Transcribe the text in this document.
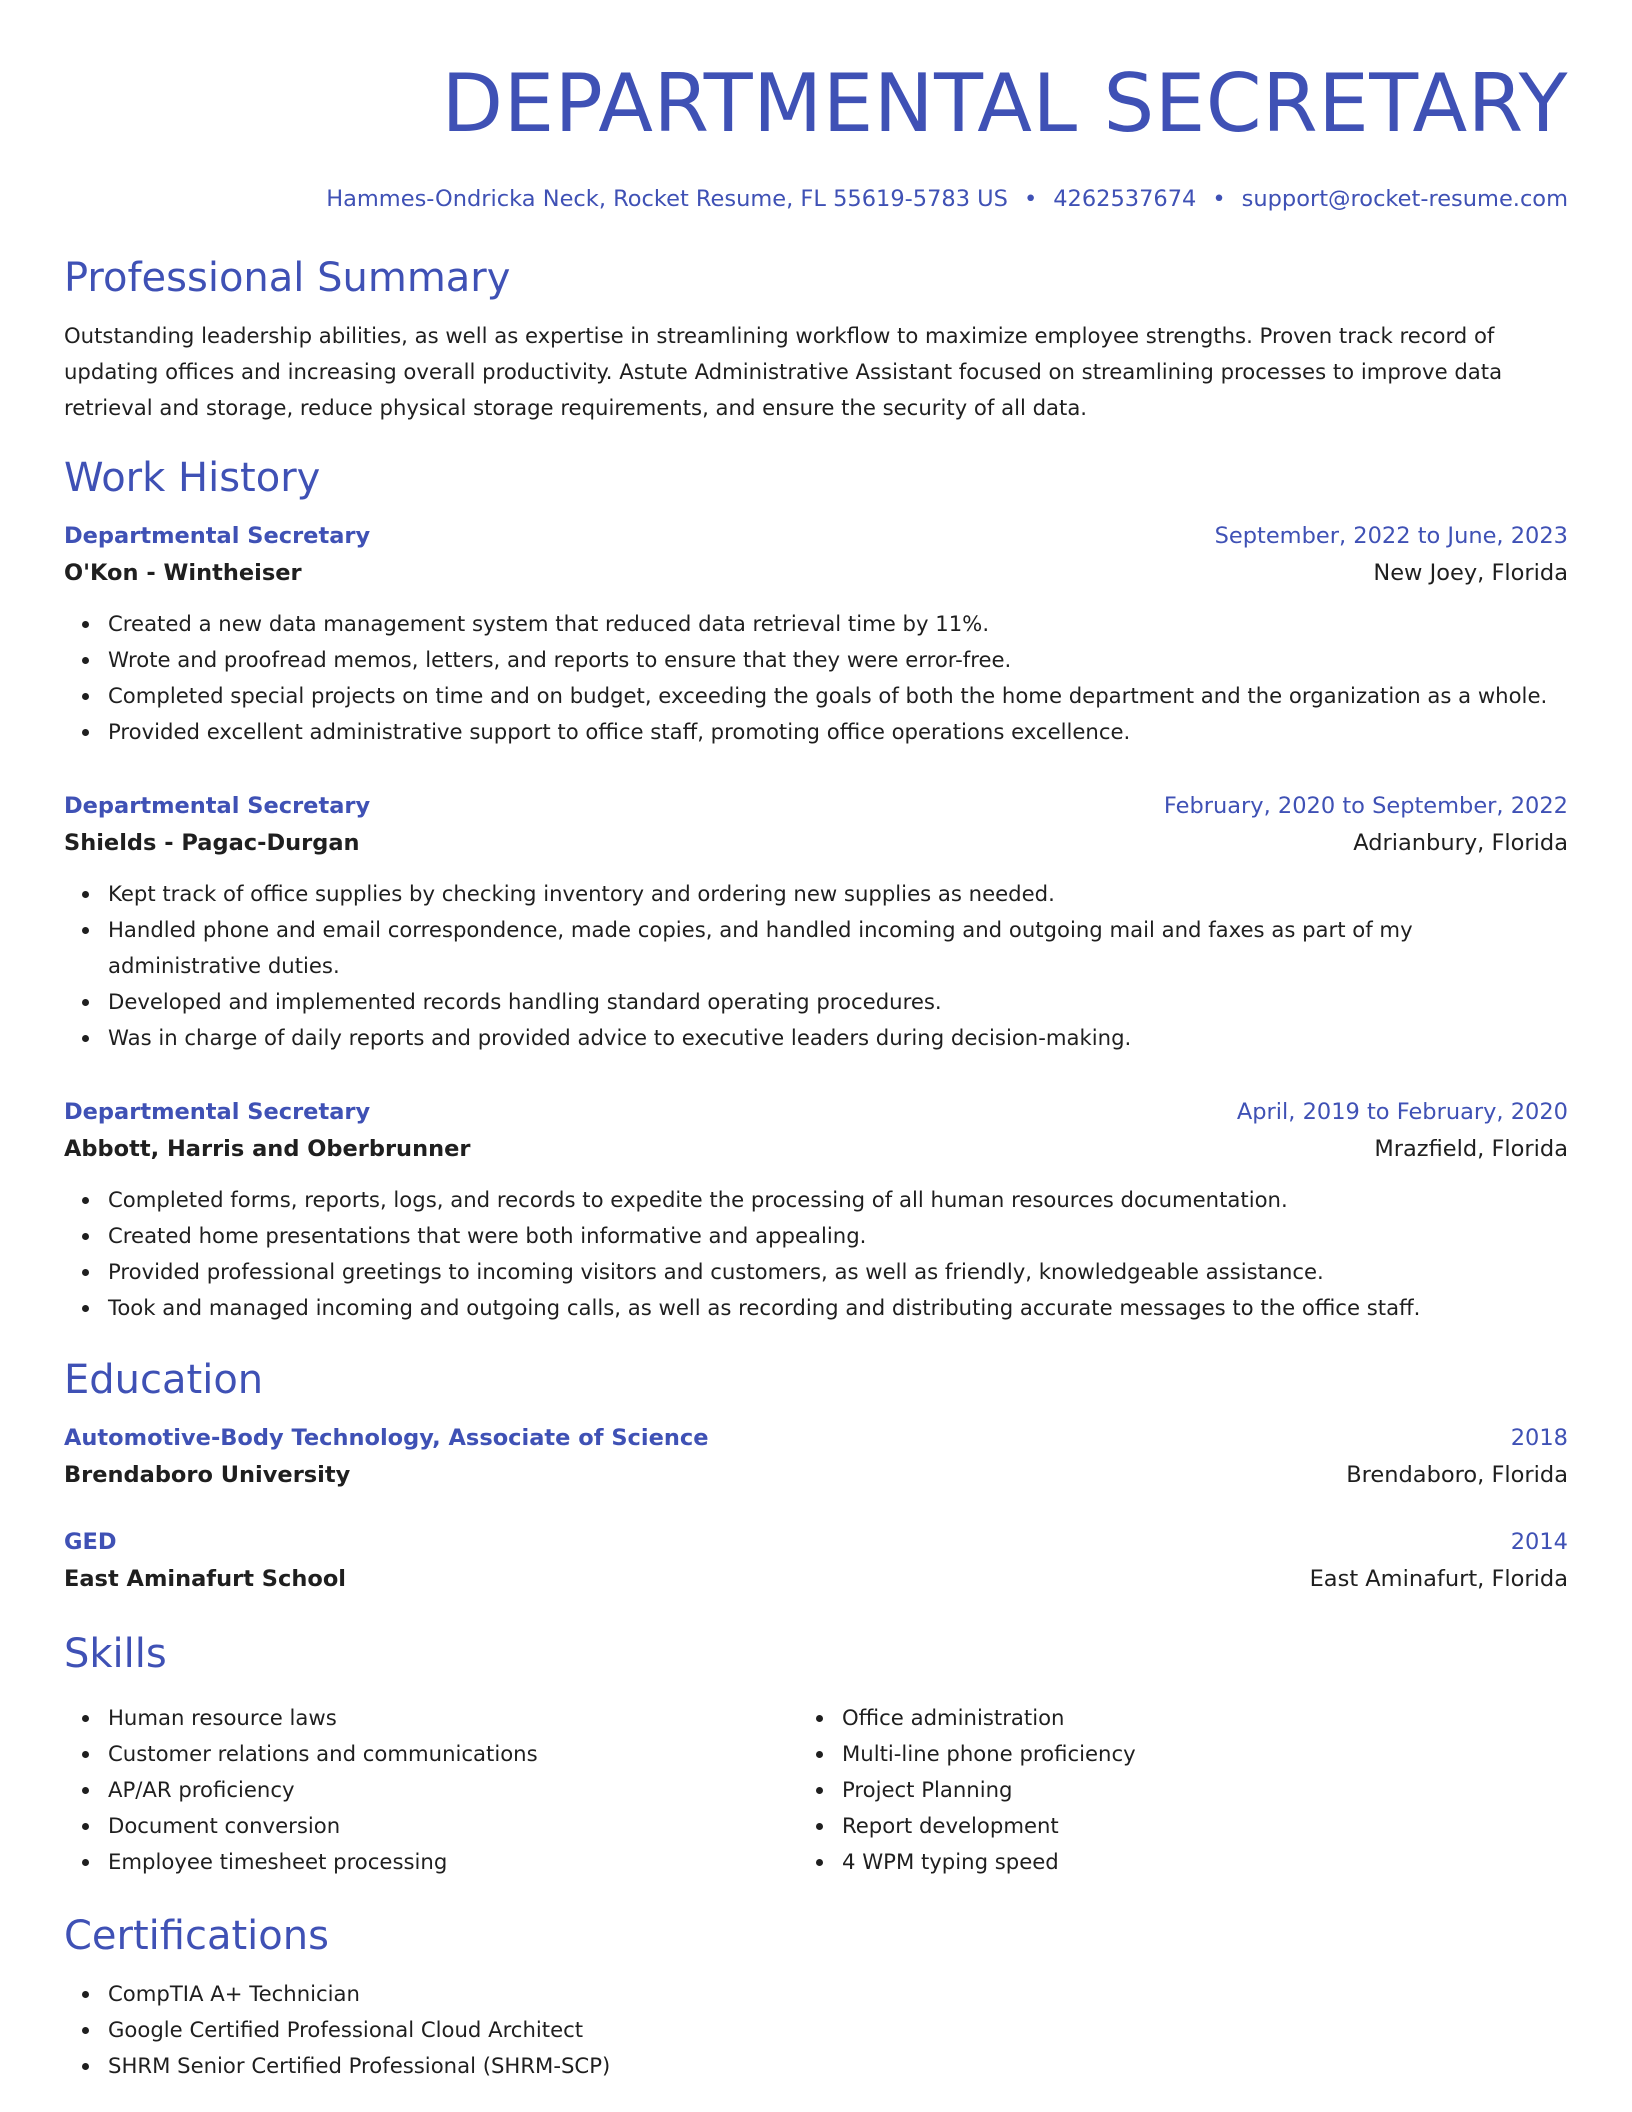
DEPARTMENTAL SECRETARY
Hammes-Ondricka Neck, Rocket Resume, FL 55619-5783 US • 4262537674 • support@rocket-resume.com
Professional Summary
Outstanding leadership abilities, as well as expertise in streamlining workflow to maximize employee strengths. Proven track record of updating offices and increasing overall productivity. Astute Administrative Assistant focused on streamlining processes to improve data retrieval and storage, reduce physical storage requirements, and ensure the security of all data.
Work History
Departmental Secretary	September, 2022 to June, 2023
O'Kon - Wintheiser	New Joey, Florida
Created a new data management system that reduced data retrieval time by 11%.
Wrote and proofread memos, letters, and reports to ensure that they were error-free.
Completed special projects on time and on budget, exceeding the goals of both the home department and the organization as a whole.
Provided excellent administrative support to office staff, promoting office operations excellence.
Departmental Secretary	February, 2020 to September, 2022
Shields - Pagac-Durgan	Adrianbury, Florida
Kept track of office supplies by checking inventory and ordering new supplies as needed.
Handled phone and email correspondence, made copies, and handled incoming and outgoing mail and faxes as part of my administrative duties.
Developed and implemented records handling standard operating procedures.
Was in charge of daily reports and provided advice to executive leaders during decision-making.
Departmental Secretary	April, 2019 to February, 2020
Abbott, Harris and Oberbrunner	Mrazfield, Florida
Completed forms, reports, logs, and records to expedite the processing of all human resources documentation.
Created home presentations that were both informative and appealing.
Provided professional greetings to incoming visitors and customers, as well as friendly, knowledgeable assistance.
Took and managed incoming and outgoing calls, as well as recording and distributing accurate messages to the office staff.
Education
Automotive-Body Technology, Associate of Science	2018
Brendaboro University	Brendaboro, Florida
GED	2014
East Aminafurt School	East Aminafurt, Florida
Skills
Human resource laws
Customer relations and communications
AP/AR proficiency
Document conversion
Employee timesheet processing
Office administration
Multi-line phone proficiency
Project Planning
Report development
4 WPM typing speed
Certifications
CompTIA A+ Technician
Google Certified Professional Cloud Architect
SHRM Senior Certified Professional (SHRM-SCP)
